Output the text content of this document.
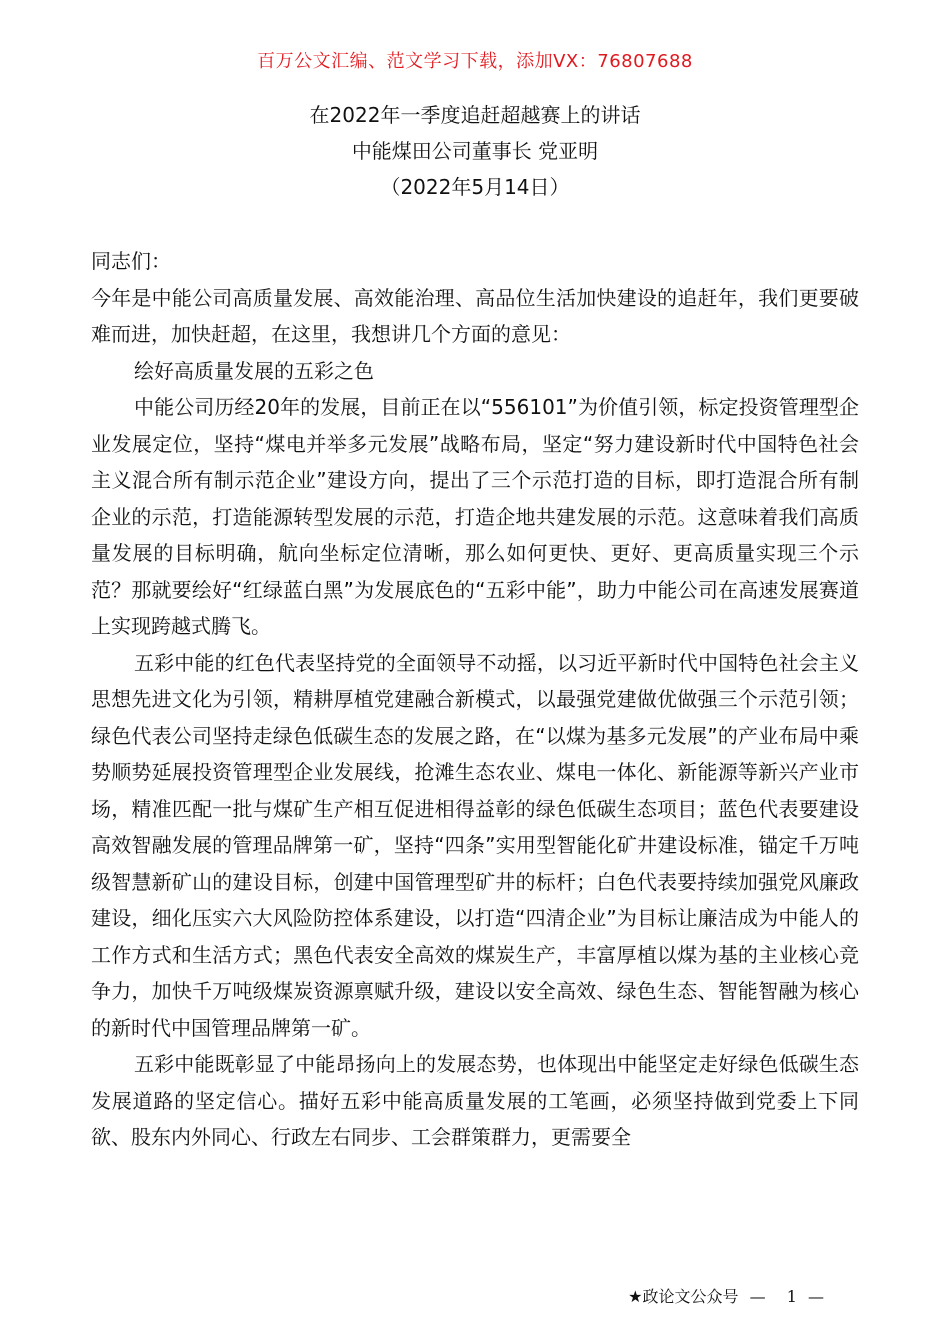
百万公文汇编、范文学习下载，添加VX：76807688
在2022年一季度追赶超越赛上的讲话
中能煤田公司董事长 党亚明
（2022年5月14日）

同志们：

今年是中能公司高质量发展、高效能治理、高品位生活加快建设的追赶年，我们更要破难而进，加快赶超，在这里，我想讲几个方面的意见：

绘好高质量发展的五彩之色

中能公司历经20年的发展，目前正在以“556101”为价值引领，标定投资管理型企业发展定位，坚持“煤电并举多元发展”战略布局，坚定“努力建设新时代中国特色社会主义混合所有制示范企业”建设方向，提出了三个示范打造的目标，即打造混合所有制企业的示范，打造能源转型发展的示范，打造企地共建发展的示范。这意味着我们高质量发展的目标明确，航向坐标定位清晰，那么如何更快、更好、更高质量实现三个示范？那就要绘好“红绿蓝白黑”为发展底色的“五彩中能”，助力中能公司在高速发展赛道上实现跨越式腾飞。

五彩中能的红色代表坚持党的全面领导不动摇，以习近平新时代中国特色社会主义思想先进文化为引领，精耕厚植党建融合新模式，以最强党建做优做强三个示范引领；绿色代表公司坚持走绿色低碳生态的发展之路，在“以煤为基多元发展”的产业布局中乘势顺势延展投资管理型企业发展线，抢滩生态农业、煤电一体化、新能源等新兴产业市场，精准匹配一批与煤矿生产相互促进相得益彰的绿色低碳生态项目；蓝色代表要建设高效智融发展的管理品牌第一矿，坚持“四条”实用型智能化矿井建设标准，锚定千万吨级智慧新矿山的建设目标，创建中国管理型矿井的标杆；白色代表要持续加强党风廉政建设，细化压实六大风险防控体系建设，以打造“四清企业”为目标让廉洁成为中能人的工作方式和生活方式；黑色代表安全高效的煤炭生产，丰富厚植以煤为基的主业核心竞争力，加快千万吨级煤炭资源禀赋升级，建设以安全高效、绿色生态、智能智融为核心的新时代中国管理品牌第一矿。

五彩中能既彰显了中能昂扬向上的发展态势，也体现出中能坚定走好绿色低碳生态发展道路的坚定信心。描好五彩中能高质量发展的工笔画，必须坚持做到党委上下同欲、股东内外同心、行政左右同步、工会群策群力，更需要全

★政论文公众号 — 1 —
